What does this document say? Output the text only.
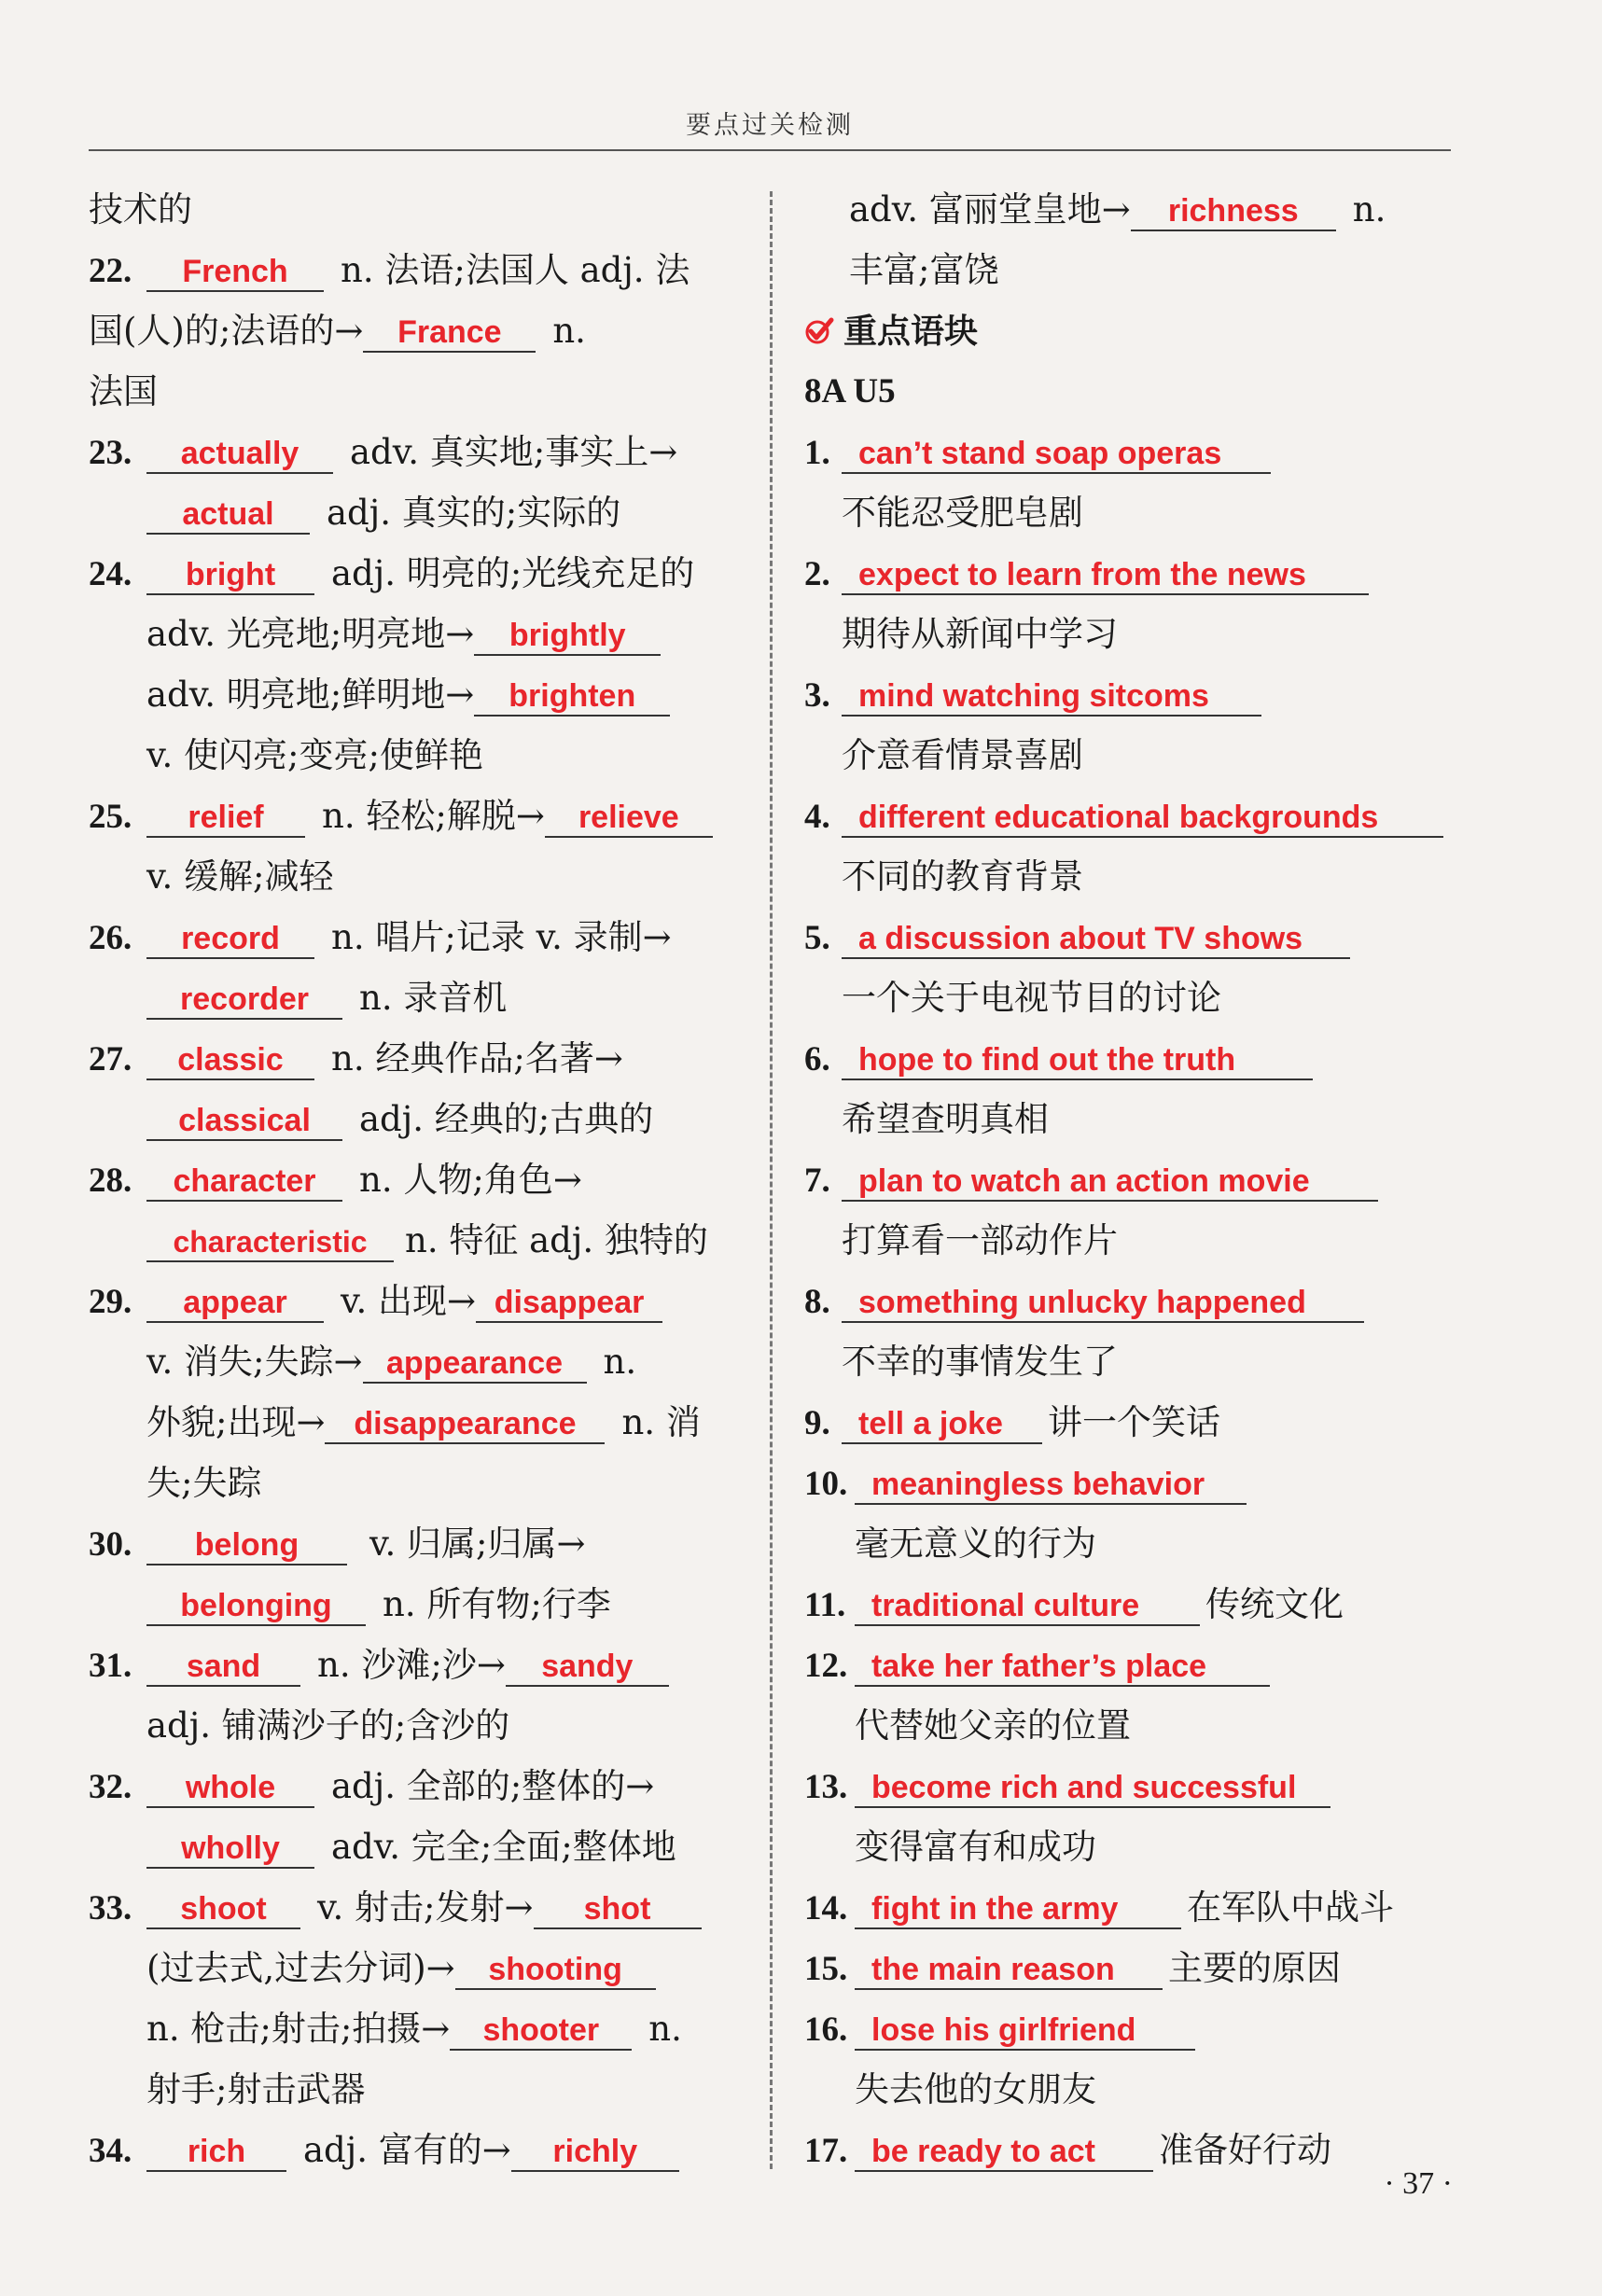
要点过关检测
技术的
22. French n. 法语;法国人 adj. 法
国(人)的;法语的→ France n.
法国
23. actually adv. 真实地;事实上→
actual adj. 真实的;实际的
24. bright adj. 明亮的;光线充足的
adv. 光亮地;明亮地→ brightly
adv. 明亮地;鲜明地→ brighten
v. 使闪亮;变亮;使鲜艳
25. relief n. 轻松;解脱→ relieve
v. 缓解;减轻
26. record n. 唱片;记录 v. 录制→
recorder n. 录音机
27. classic n. 经典作品;名著→
classical adj. 经典的;古典的
28. character n. 人物;角色→
characteristic n. 特征 adj. 独特的
29. appear v. 出现→ disappear
v. 消失;失踪→ appearance n.
外貌;出现→ disappearance n. 消
失;失踪
30. belong v. 归属;归属→
belonging n. 所有物;行李
31. sand n. 沙滩;沙→ sandy
adj. 铺满沙子的;含沙的
32. whole adj. 全部的;整体的→
wholly adv. 完全;全面;整体地
33. shoot v. 射击;发射→ shot
(过去式,过去分词)→ shooting
n. 枪击;射击;拍摄→ shooter n.
射手;射击武器
34. rich adj. 富有的→ richly
adv. 富丽堂皇地→ richness n.
丰富;富饶
重点语块
8A U5
1. can’t stand soap operas
不能忍受肥皂剧
2. expect to learn from the news
期待从新闻中学习
3. mind watching sitcoms
介意看情景喜剧
4. different educational backgrounds
不同的教育背景
5. a discussion about TV shows
一个关于电视节目的讨论
6. hope to find out the truth
希望查明真相
7. plan to watch an action movie
打算看一部动作片
8. something unlucky happened
不幸的事情发生了
9. tell a joke 讲一个笑话
10. meaningless behavior
毫无意义的行为
11. traditional culture 传统文化
12. take her father’s place
代替她父亲的位置
13. become rich and successful
变得富有和成功
14. fight in the army 在军队中战斗
15. the main reason 主要的原因
16. lose his girlfriend
失去他的女朋友
17. be ready to act 准备好行动
· 37 ·
